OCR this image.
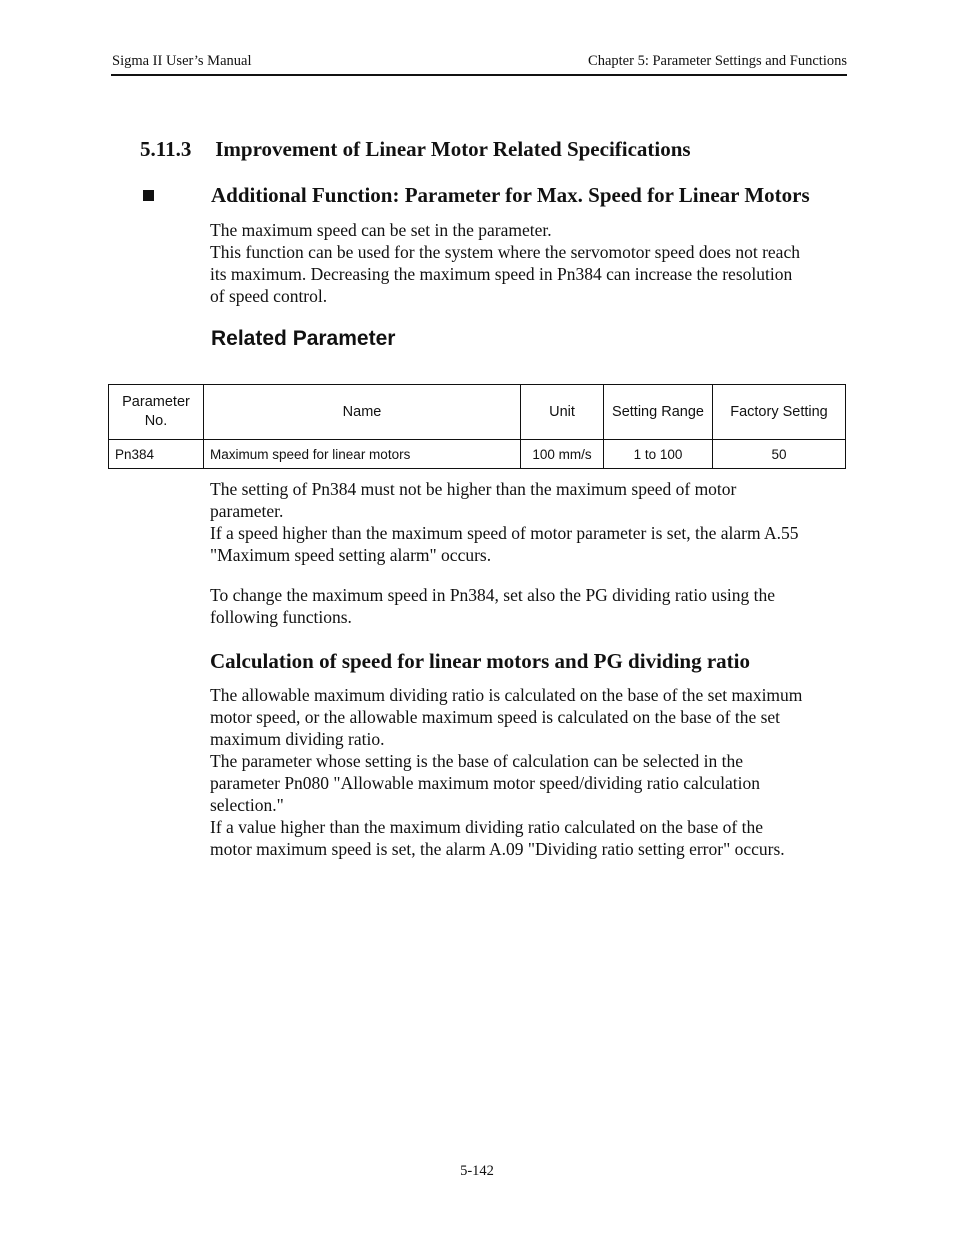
Sigma II User’s Manual	Chapter 5: Parameter Settings and Functions
5.11.3 Improvement of Linear Motor Related Specifications
Additional Function: Parameter for Max. Speed for Linear Motors
The maximum speed can be set in the parameter.
This function can be used for the system where the servomotor speed does not reach
its maximum. Decreasing the maximum speed in Pn384 can increase the resolution
of speed control.
Related Parameter
Parameter No.	Name	Unit	Setting Range	Factory Setting
Pn384	Maximum speed for linear motors	100 mm/s	1 to 100	50
The setting of Pn384 must not be higher than the maximum speed of motor
parameter.
If a speed higher than the maximum speed of motor parameter is set, the alarm A.55
"Maximum speed setting alarm" occurs.
To change the maximum speed in Pn384, set also the PG dividing ratio using the
following functions.
Calculation of speed for linear motors and PG dividing ratio
The allowable maximum dividing ratio is calculated on the base of the set maximum
motor speed, or the allowable maximum speed is calculated on the base of the set
maximum dividing ratio.
The parameter whose setting is the base of calculation can be selected in the
parameter Pn080 "Allowable maximum motor speed/dividing ratio calculation
selection."
If a value higher than the maximum dividing ratio calculated on the base of the
motor maximum speed is set, the alarm A.09 "Dividing ratio setting error" occurs.
5-142
